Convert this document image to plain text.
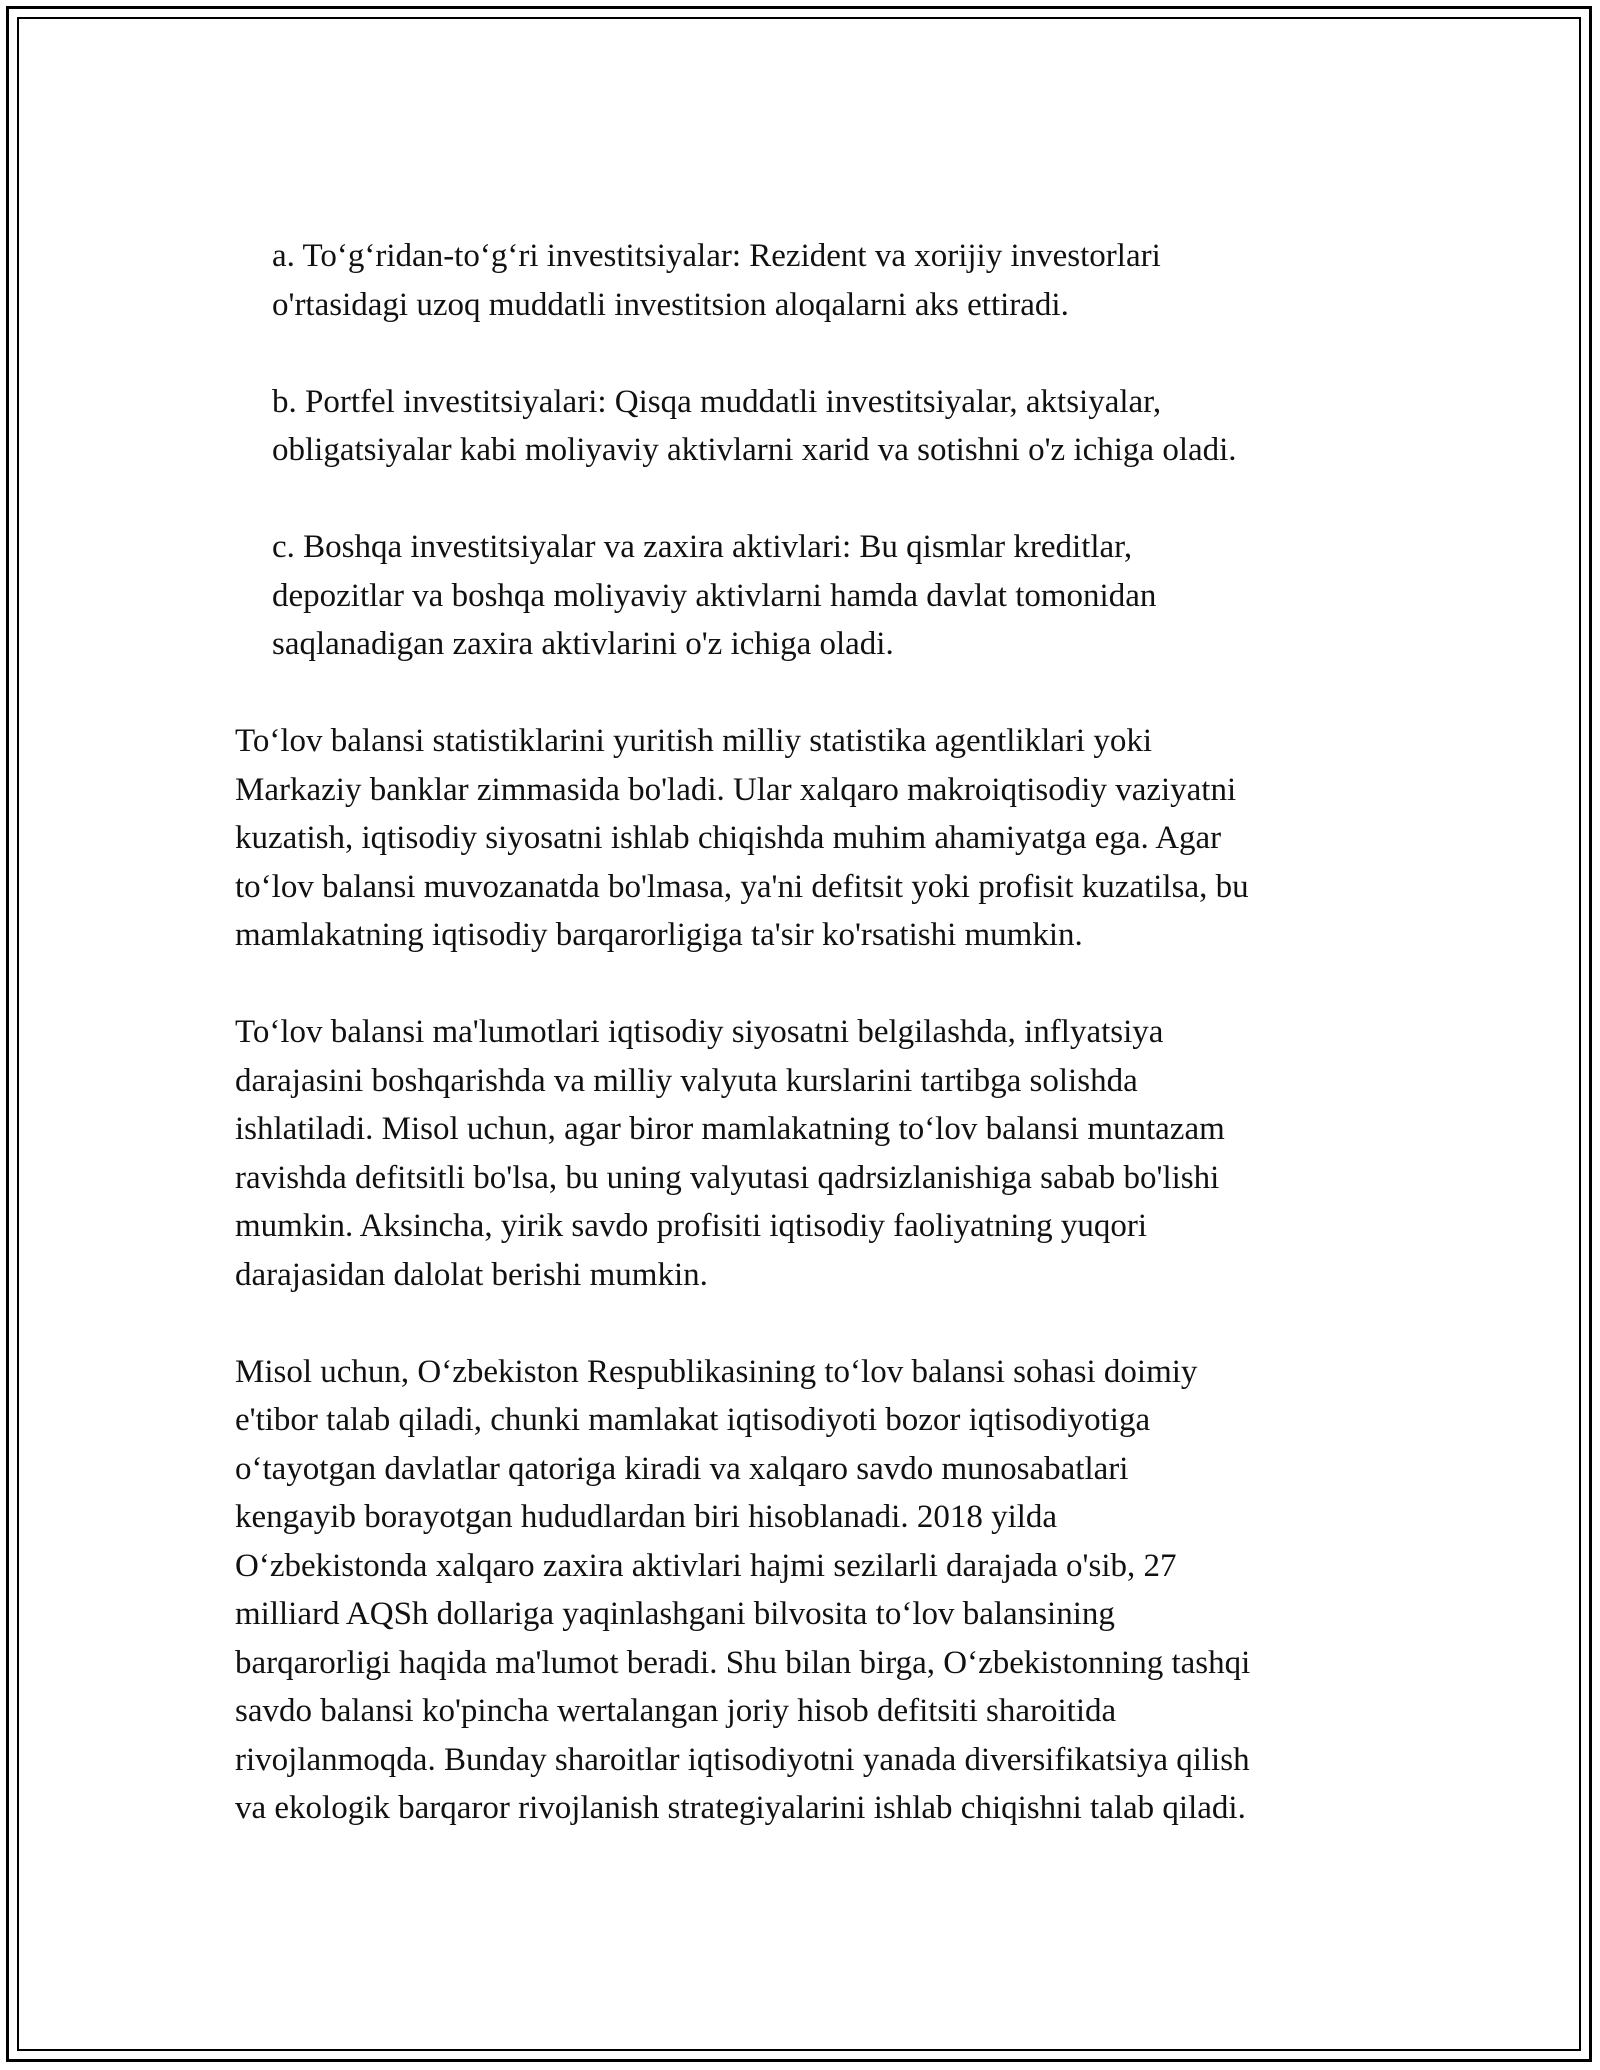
a. To‘g‘ridan-to‘g‘ri investitsiyalar: Rezident va xorijiy investorlari
o'rtasidagi uzoq muddatli investitsion aloqalarni aks ettiradi.

b. Portfel investitsiyalari: Qisqa muddatli investitsiyalar, aktsiyalar,
obligatsiyalar kabi moliyaviy aktivlarni xarid va sotishni o'z ichiga oladi.

c. Boshqa investitsiyalar va zaxira aktivlari: Bu qismlar kreditlar,
depozitlar va boshqa moliyaviy aktivlarni hamda davlat tomonidan
saqlanadigan zaxira aktivlarini o'z ichiga oladi.

To‘lov balansi statistiklarini yuritish milliy statistika agentliklari yoki
Markaziy banklar zimmasida bo'ladi. Ular xalqaro makroiqtisodiy vaziyatni
kuzatish, iqtisodiy siyosatni ishlab chiqishda muhim ahamiyatga ega. Agar
to‘lov balansi muvozanatda bo'lmasa, ya'ni defitsit yoki profisit kuzatilsa, bu
mamlakatning iqtisodiy barqarorligiga ta'sir ko'rsatishi mumkin.

To‘lov balansi ma'lumotlari iqtisodiy siyosatni belgilashda, inflyatsiya
darajasini boshqarishda va milliy valyuta kurslarini tartibga solishda
ishlatiladi. Misol uchun, agar biror mamlakatning to‘lov balansi muntazam
ravishda defitsitli bo'lsa, bu uning valyutasi qadrsizlanishiga sabab bo'lishi
mumkin. Aksincha, yirik savdo profisiti iqtisodiy faoliyatning yuqori
darajasidan dalolat berishi mumkin.

Misol uchun, O‘zbekiston Respublikasining to‘lov balansi sohasi doimiy
e'tibor talab qiladi, chunki mamlakat iqtisodiyoti bozor iqtisodiyotiga
o‘tayotgan davlatlar qatoriga kiradi va xalqaro savdo munosabatlari
kengayib borayotgan hududlardan biri hisoblanadi. 2018 yilda
O‘zbekistonda xalqaro zaxira aktivlari hajmi sezilarli darajada o'sib, 27
milliard AQSh dollariga yaqinlashgani bilvosita to‘lov balansining
barqarorligi haqida ma'lumot beradi. Shu bilan birga, O‘zbekistonning tashqi
savdo balansi ko'pincha wertalangan joriy hisob defitsiti sharoitida
rivojlanmoqda. Bunday sharoitlar iqtisodiyotni yanada diversifikatsiya qilish
va ekologik barqaror rivojlanish strategiyalarini ishlab chiqishni talab qiladi.
